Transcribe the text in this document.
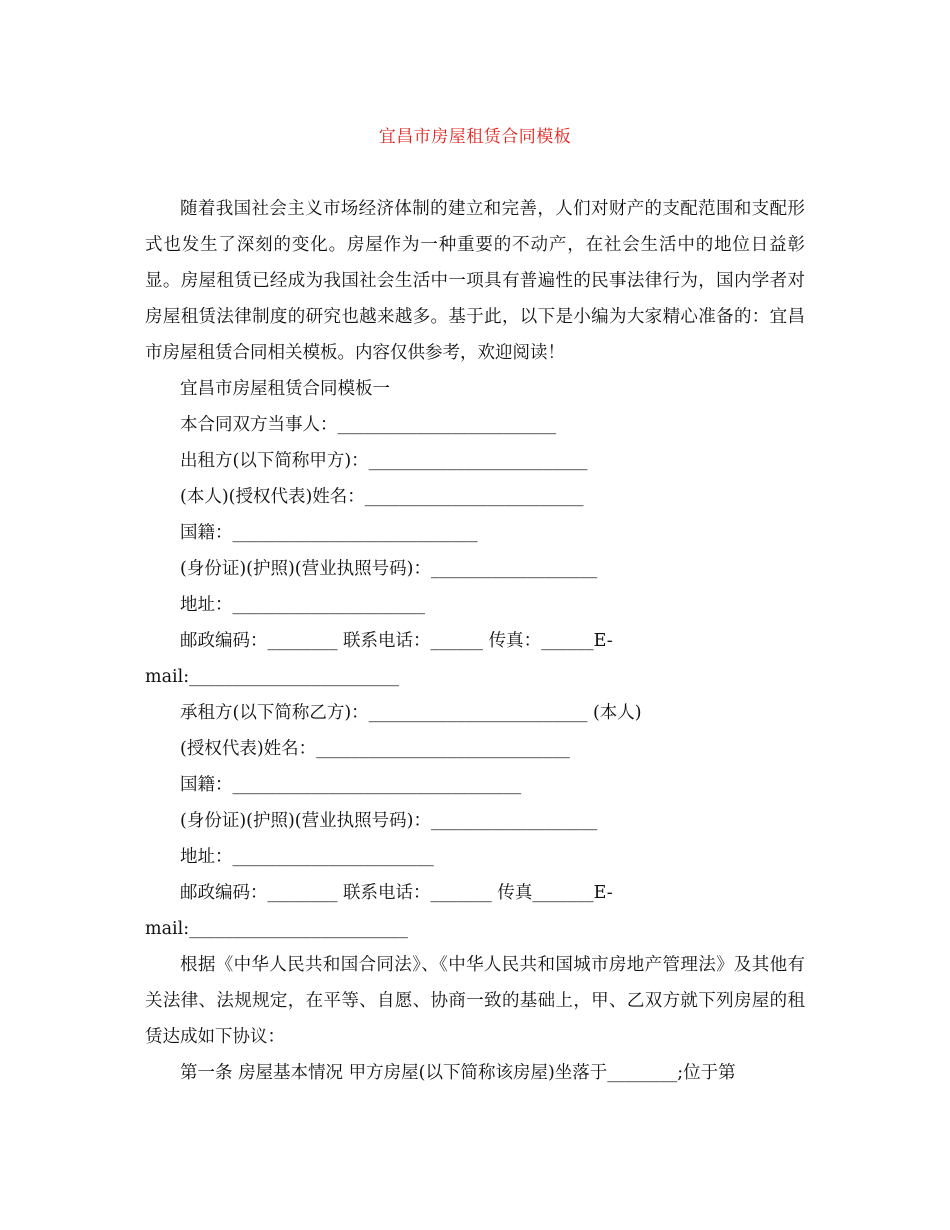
宜昌市房屋租赁合同模板

随着我国社会主义市场经济体制的建立和完善，人们对财产的支配范围和支配形式也发生了深刻的变化。房屋作为一种重要的不动产，在社会生活中的地位日益彰显。房屋租赁已经成为我国社会生活中一项具有普遍性的民事法律行为，国内学者对房屋租赁法律制度的研究也越来越多。基于此，以下是小编为大家精心准备的：宜昌市房屋租赁合同相关模板。内容仅供参考，欢迎阅读！

宜昌市房屋租赁合同模板一

本合同双方当事人：_________________________

出租方(以下简称甲方)：_________________________

(本人)(授权代表)姓名：_________________________

国籍：____________________________

(身份证)(护照)(营业执照号码)：___________________

地址：______________________

邮政编码：________ 联系电话：______ 传真：______E-

mail:________________________

承租方(以下简称乙方)：_________________________ (本人)

(授权代表)姓名：_____________________________

国籍：_________________________________

(身份证)(护照)(营业执照号码)：___________________

地址：_______________________

邮政编码：________ 联系电话：_______ 传真_______E-

mail:_________________________

根据《中华人民共和国合同法》、《中华人民共和国城市房地产管理法》及其他有关法律、法规规定，在平等、自愿、协商一致的基础上，甲、乙双方就下列房屋的租赁达成如下协议：

第一条 房屋基本情况 甲方房屋(以下简称该房屋)坐落于________;位于第
